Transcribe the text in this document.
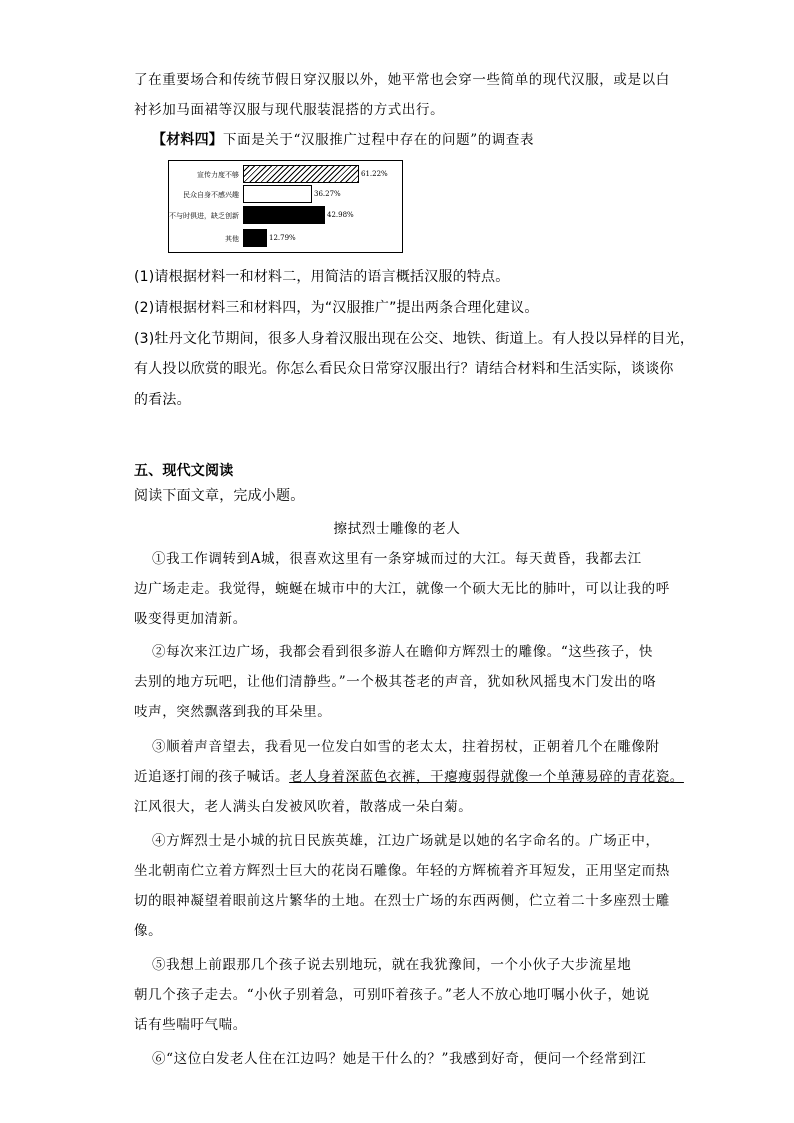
了在重要场合和传统节假日穿汉服以外，她平常也会穿一些简单的现代汉服，或是以白
衬衫加马面裙等汉服与现代服装混搭的方式出行。
【材料四】下面是关于“汉服推广过程中存在的问题”的调查表
宣传力度不够	61.22%
民众自身不感兴趣	36.27%
不与时俱进，缺乏创新	42.98%
其他	12.79%
(1)请根据材料一和材料二，用简洁的语言概括汉服的特点。
(2)请根据材料三和材料四，为“汉服推广”提出两条合理化建议。
(3)牡丹文化节期间，很多人身着汉服出现在公交、地铁、街道上。有人投以异样的目光，
有人投以欣赏的眼光。你怎么看民众日常穿汉服出行？请结合材料和生活实际，谈谈你
的看法。
五、现代文阅读
阅读下面文章，完成小题。
擦拭烈士雕像的老人
①我工作调转到A城，很喜欢这里有一条穿城而过的大江。每天黄昏，我都去江
边广场走走。我觉得，蜿蜒在城市中的大江，就像一个硕大无比的肺叶，可以让我的呼
吸变得更加清新。
②每次来江边广场，我都会看到很多游人在瞻仰方辉烈士的雕像。“这些孩子，快
去别的地方玩吧，让他们清静些。”一个极其苍老的声音，犹如秋风摇曳木门发出的咯
吱声，突然飘落到我的耳朵里。
③顺着声音望去，我看见一位发白如雪的老太太，拄着拐杖，正朝着几个在雕像附
近追逐打闹的孩子喊话。老人身着深蓝色衣裤，干瘪瘦弱得就像一个单薄易碎的青花瓷。
江风很大，老人满头白发被风吹着，散落成一朵白菊。
④方辉烈士是小城的抗日民族英雄，江边广场就是以她的名字命名的。广场正中，
坐北朝南伫立着方辉烈士巨大的花岗石雕像。年轻的方辉梳着齐耳短发，正用坚定而热
切的眼神凝望着眼前这片繁华的土地。在烈士广场的东西两侧，伫立着二十多座烈士雕
像。
⑤我想上前跟那几个孩子说去别地玩，就在我犹豫间，一个小伙子大步流星地
朝几个孩子走去。“小伙子别着急，可别吓着孩子。”老人不放心地叮嘱小伙子，她说
话有些喘吁气喘。
⑥“这位白发老人住在江边吗？她是干什么的？”我感到好奇，便问一个经常到江
